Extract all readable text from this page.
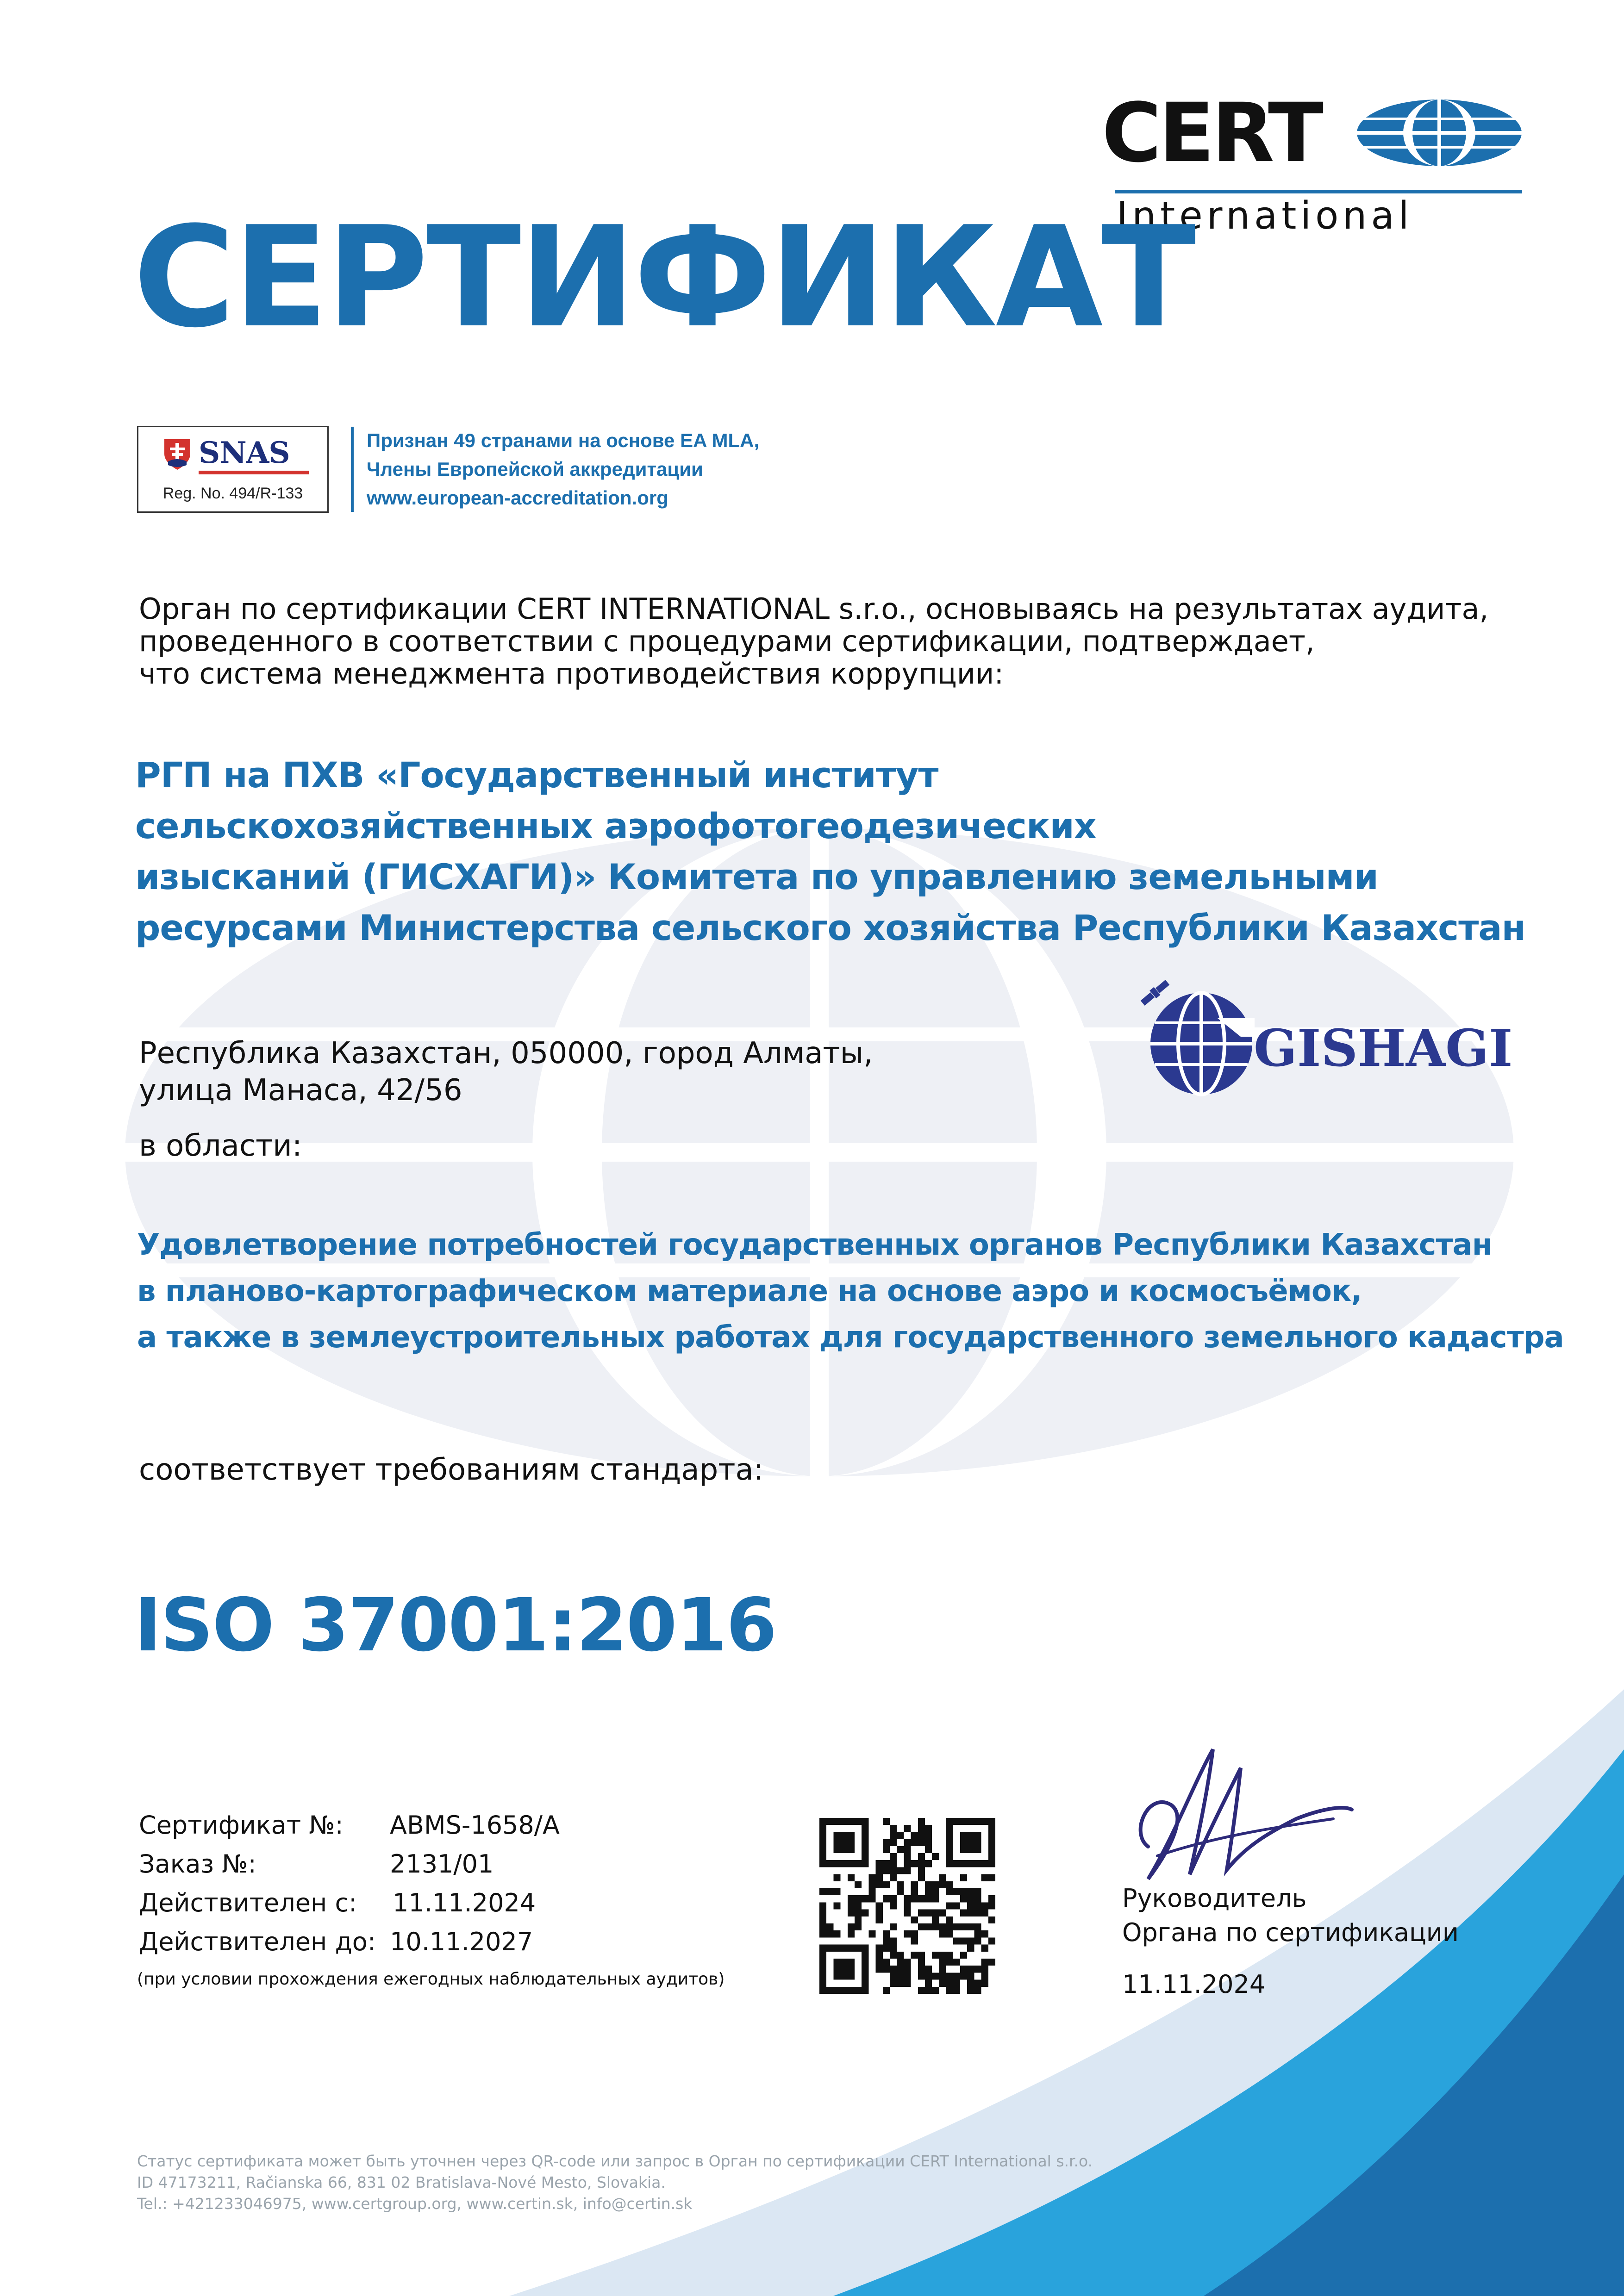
CERT
International
СЕРТИФИКАТ
SNAS
Reg. No. 494/R-133
Признан 49 странами на основе EA MLA,
Члены Европейской аккредитации
www.european-accreditation.org
Орган по сертификации CERT INTERNATIONAL s.r.o., основываясь на результатах аудита,
проведенного в соответствии с процедурами сертификации, подтверждает,
что система менеджмента противодействия коррупции:
РГП на ПХВ «Государственный институт
сельскохозяйственных аэрофотогеодезических
изысканий (ГИСХАГИ)» Комитета по управлению земельными
ресурсами Министерства сельского хозяйства Республики Казахстан
GISHAGI
Республика Казахстан, 050000, город Алматы,
улица Манаса, 42/56
в области:
Удовлетворение потребностей государственных органов Республики Казахстан
в планово-картографическом материале на основе аэро и космосъёмок,
а также в землеустроительных работах для государственного земельного кадастра
соответствует требованиям стандарта:
ISO 37001:2016
Сертификат №: ABMS-1658/A
Заказ №:	2131/01
Действителен с: 11.11.2024
Действителен до: 10.11.2027
(при условии прохождения ежегодных наблюдательных аудитов)
Руководитель
Органа по сертификации
11.11.2024
Статус сертификата может быть уточнен через QR-code или запрос в Орган по сертификации CERT International s.r.o.
ID 47173211, Račianska 66, 831 02 Bratislava-Nové Mesto, Slovakia.
Tel.: +421233046975, www.certgroup.org, www.certin.sk, info@certin.sk
